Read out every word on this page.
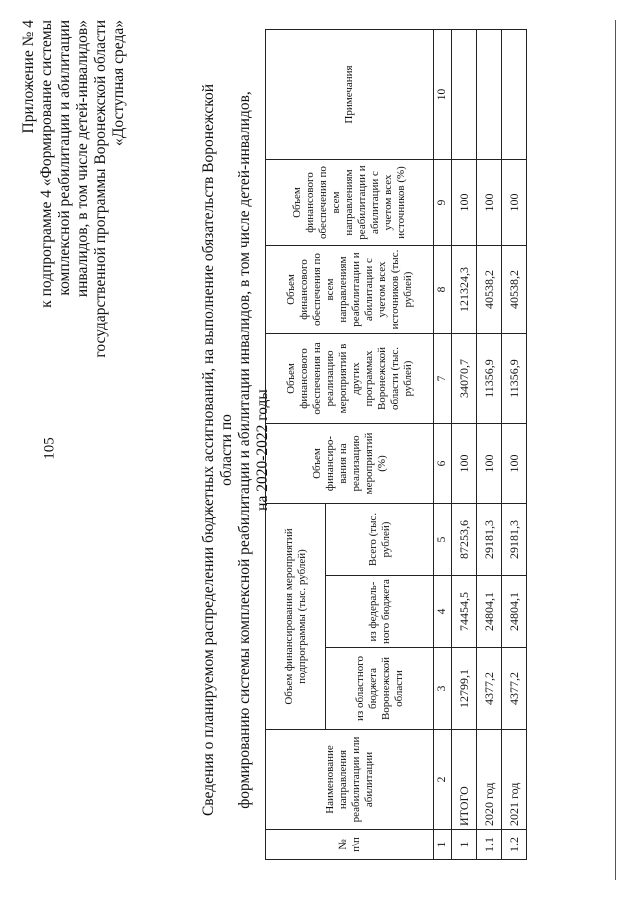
105
Приложение № 4 к подпрограмме 4 «Формирование системы комплексной реабилитации и абилитации инвалидов, в том числе детей-инвалидов» государственной программы Воронежской области «Доступная среда»
Сведения о планируемом распределении бюджетных ассигнований, на выполнение обязательств Воронежской области по формированию системы комплексной реабилитации и абилитации инвалидов, в том числе детей-инвалидов, на 2020-2022 годы
№ п\п	Наименование направления реабилитации или абилитации	Объем финансирования мероприятий подпрограммы (тыс. рублей)			Объем финансиро-вания на реализацию мероприятий (%)	Объем финансового обеспечения на реализацию мероприятий в других программах Воронежской области (тыс. рублей)	Объем финансового обеспечения по всем направлениям реабилитации и абилитации с учетом всех источников (тыс. рублей)	Объем финансового обеспечения по всем направлениям реабилитации и абилитации с учетом всех источников (%)	Примечания
		из областного бюджета Воронежской области	из федераль-ного бюджета	Всего (тыс. рублей)					
1	2	3	4	5	6	7	8	9	10
1	ИТОГО	12799,1	74454,5	87253,6	100	34070,7	121324,3	100	
1.1	2020 год	4377,2	24804,1	29181,3	100	11356,9	40538,2	100	
1.2	2021 год	4377,2	24804,1	29181,3	100	11356,9	40538,2	100	
